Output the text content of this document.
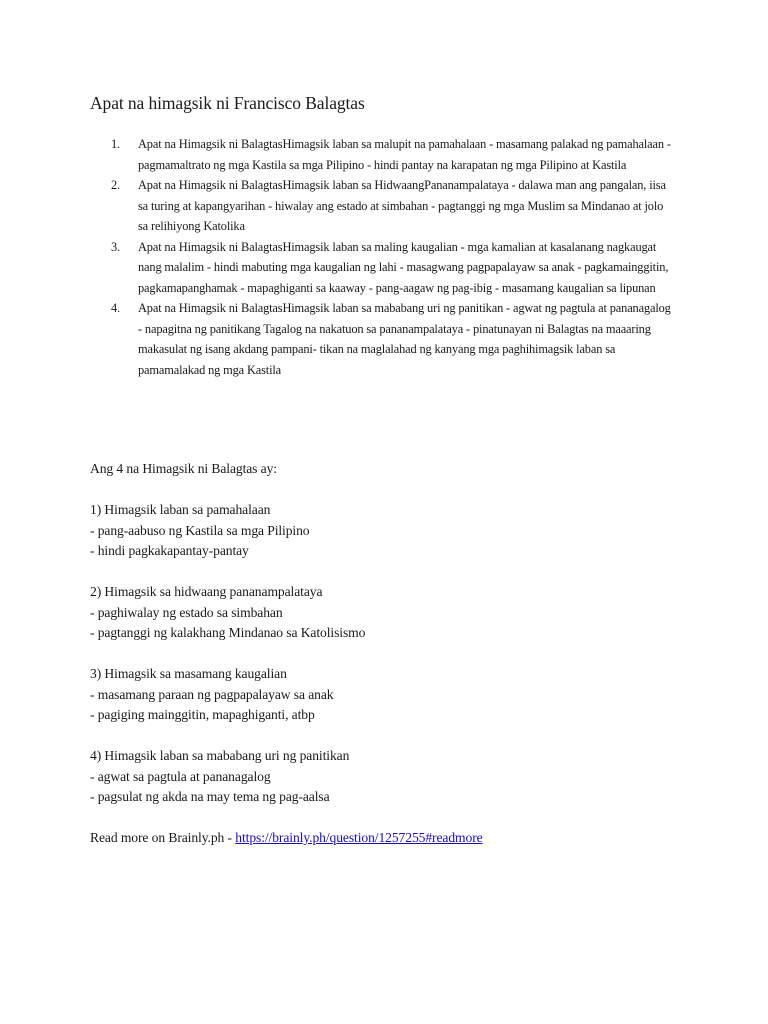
Apat na himagsik ni Francisco Balagtas
1. Apat na Himagsik ni BalagtasHimagsik laban sa malupit na pamahalaan - masamang palakad ng pamahalaan - pagmamaltrato ng mga Kastila sa mga Pilipino - hindi pantay na karapatan ng mga Pilipino at Kastila
2. Apat na Himagsik ni BalagtasHimagsik laban sa HidwaangPananampalataya - dalawa man ang pangalan, iisa sa turing at kapangyarihan - hiwalay ang estado at simbahan - pagtanggi ng mga Muslim sa Mindanao at jolo sa relihiyong Katolika
3. Apat na Himagsik ni BalagtasHimagsik laban sa maling kaugalian - mga kamalian at kasalanang nagkaugat nang malalim - hindi mabuting mga kaugalian ng lahi - masagwang pagpapalayaw sa anak - pagkamainggitin, pagkamapanghamak - mapaghiganti sa kaaway - pang-aagaw ng pag-ibig - masamang kaugalian sa lipunan
4. Apat na Himagsik ni BalagtasHimagsik laban sa mababang uri ng panitikan - agwat ng pagtula at pananagalog - napagitna ng panitikang Tagalog na nakatuon sa pananampalataya - pinatunayan ni Balagtas na maaaring makasulat ng isang akdang pampani- tikan na maglalahad ng kanyang mga paghihimagsik laban sa pamamalakad ng mga Kastila

Ang 4 na Himagsik ni Balagtas ay:

1) Himagsik laban sa pamahalaan

- pang-aabuso ng Kastila sa mga Pilipino

- hindi pagkakapantay-pantay

2) Himagsik sa hidwaang pananampalataya

- paghiwalay ng estado sa simbahan

- pagtanggi ng kalakhang Mindanao sa Katolisismo

3) Himagsik sa masamang kaugalian

- masamang paraan ng pagpapalayaw sa anak

- pagiging mainggitin, mapaghiganti, atbp

4) Himagsik laban sa mababang uri ng panitikan

- agwat sa pagtula at pananagalog

- pagsulat ng akda na may tema ng pag-aalsa

Read more on Brainly.ph - https://brainly.ph/question/1257255#readmore
